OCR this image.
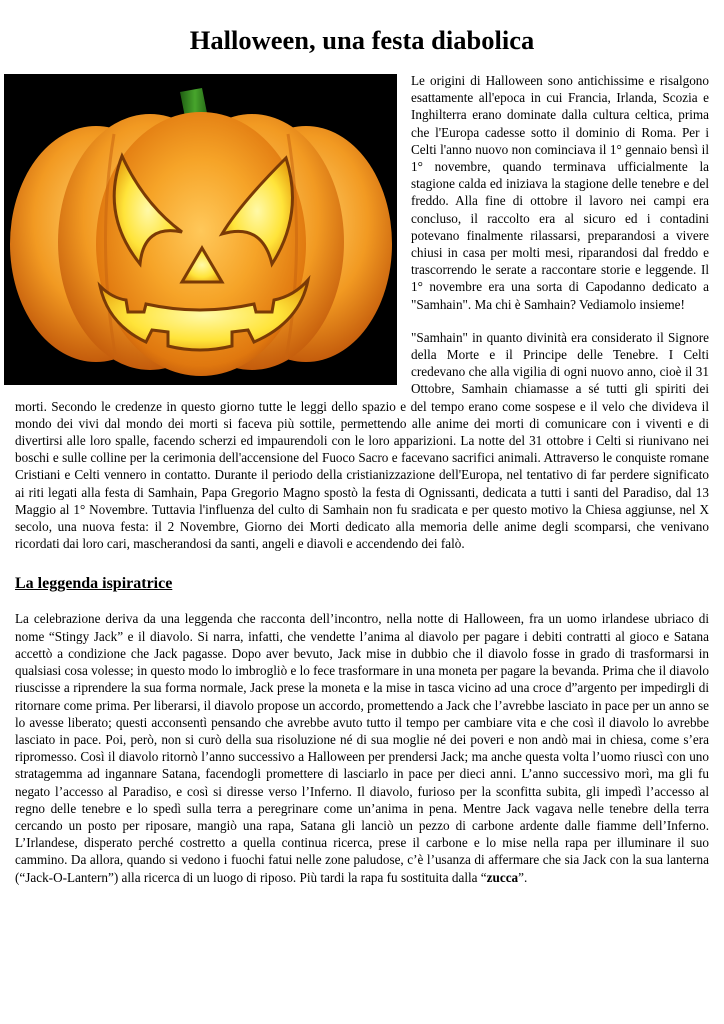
Halloween, una festa diabolica

Le origini di Halloween sono antichissime e risalgono esattamente all'epoca in cui Francia, Irlanda, Scozia e Inghilterra erano dominate dalla cultura celtica, prima che l'Europa cadesse sotto il dominio di Roma. Per i Celti l'anno nuovo non cominciava il 1° gennaio bensì il 1° novembre, quando terminava ufficialmente la stagione calda ed iniziava la stagione delle tenebre e del freddo. Alla fine di ottobre il lavoro nei campi era concluso, il raccolto era al sicuro ed i contadini potevano finalmente rilassarsi, preparandosi a vivere chiusi in casa per molti mesi, riparandosi dal freddo e trascorrendo le serate a raccontare storie e leggende. Il 1° novembre era una sorta di Capodanno dedicato a "Samhain". Ma chi è Samhain? Vediamolo insieme!

"Samhain" in quanto divinità era considerato il Signore della Morte e il Principe delle Tenebre. I Celti credevano che alla vigilia di ogni nuovo anno, cioè il 31 Ottobre, Samhain chiamasse a sé tutti gli spiriti dei morti. Secondo le credenze in questo giorno tutte le leggi dello spazio e del tempo erano come sospese e il velo che divideva il mondo dei vivi dal mondo dei morti si faceva più sottile, permettendo alle anime dei morti di comunicare con i viventi e di divertirsi alle loro spalle, facendo scherzi ed impaurendoli con le loro apparizioni. La notte del 31 ottobre i Celti si riunivano nei boschi e sulle colline per la cerimonia dell'accensione del Fuoco Sacro e facevano sacrifici animali. Attraverso le conquiste romane Cristiani e Celti vennero in contatto. Durante il periodo della cristianizzazione dell'Europa, nel tentativo di far perdere significato ai riti legati alla festa di Samhain, Papa Gregorio Magno spostò la festa di Ognissanti, dedicata a tutti i santi del Paradiso, dal 13 Maggio al 1° Novembre. Tuttavia l'influenza del culto di Samhain non fu sradicata e per questo motivo la Chiesa aggiunse, nel X secolo, una nuova festa: il 2 Novembre, Giorno dei Morti dedicato alla memoria delle anime degli scomparsi, che venivano ricordati dai loro cari, mascherandosi da santi, angeli e diavoli e accendendo dei falò.

La leggenda ispiratrice

La celebrazione deriva da una leggenda che racconta dell’incontro, nella notte di Halloween, fra un uomo irlandese ubriaco di nome “Stingy Jack” e il diavolo. Si narra, infatti, che vendette l’anima al diavolo per pagare i debiti contratti al gioco e Satana accettò a condizione che Jack pagasse. Dopo aver bevuto, Jack mise in dubbio che il diavolo fosse in grado di trasformarsi in qualsiasi cosa volesse; in questo modo lo imbrogliò e lo fece trasformare in una moneta per pagare la bevanda. Prima che il diavolo riuscisse a riprendere la sua forma normale, Jack prese la moneta e la mise in tasca vicino ad una croce d”argento per impedirgli di ritornare come prima. Per liberarsi, il diavolo propose un accordo, promettendo a Jack che l’avrebbe lasciato in pace per un anno se lo avesse liberato; questi acconsentì pensando che avrebbe avuto tutto il tempo per cambiare vita e che così il diavolo lo avrebbe lasciato in pace. Poi, però, non si curò della sua risoluzione né di sua moglie né dei poveri e non andò mai in chiesa, come s’era ripromesso. Così il diavolo ritornò l’anno successivo a Halloween per prendersi Jack; ma anche questa volta l’uomo riuscì con uno stratagemma ad ingannare Satana, facendogli promettere di lasciarlo in pace per dieci anni. L’anno successivo morì, ma gli fu negato l’accesso al Paradiso, e così si diresse verso l’Inferno. Il diavolo, furioso per la sconfitta subita, gli impedì l’accesso al regno delle tenebre e lo spedì sulla terra a peregrinare come un’anima in pena. Mentre Jack vagava nelle tenebre della terra cercando un posto per riposare, mangiò una rapa, Satana gli lanciò un pezzo di carbone ardente dalle fiamme dell’Inferno. L’Irlandese, disperato perché costretto a quella continua ricerca, prese il carbone e lo mise nella rapa per illuminare il suo cammino. Da allora, quando si vedono i fuochi fatui nelle zone paludose, c’è l’usanza di affermare che sia Jack con la sua lanterna (“Jack-O-Lantern”) alla ricerca di un luogo di riposo. Più tardi la rapa fu sostituita dalla “zucca”.
